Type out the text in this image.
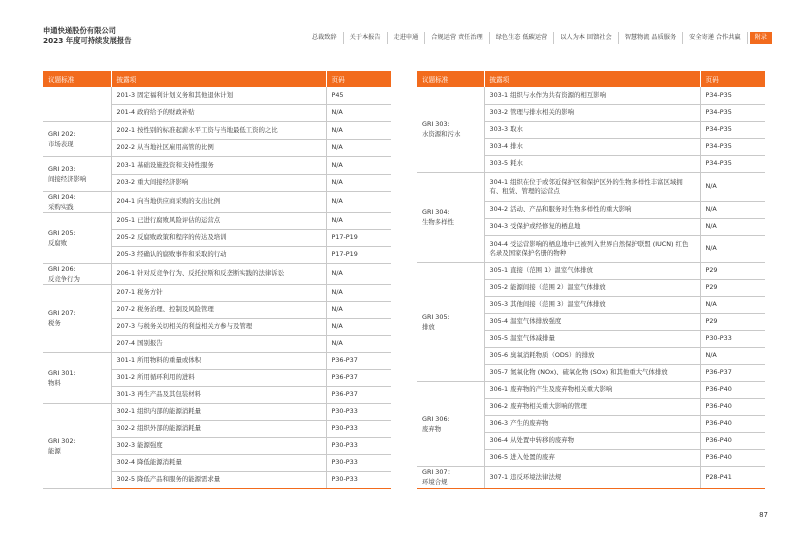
申通快递股份有限公司
2023 年度可持续发展报告	总裁致辞	关于本报告	走进申通	合规运营 责任治理	绿色生态 低碳运营	以人为本 回馈社会	智慧物流 品质服务	安全寄递 合作共赢	附录
议题标准	披露项	页码

	201-3 固定福利计划义务和其他退休计划	P45
	201-4 政府给予的财政补贴	N/A

GRI 202:
市场表现	202-1 按性别的标准起薪水平工资与当地最低工资的之比	N/A
	202-2 从当地社区雇用高管的比例	N/A

GRI 203:
间接经济影响	203-1 基础设施投资和支持性服务	N/A
	203-2 重大间接经济影响	N/A

GRI 204:
采购实践	204-1 向当地供应商采购的支出比例	N/A

GRI 205:
反腐败	205-1 已进行腐败风险评估的运营点	N/A
	205-2 反腐败政策和程序的传达及培训	P17-P19
	205-3 经确认的腐败事件和采取的行动	P17-P19

GRI 206:
反竞争行为	206-1 针对反竞争行为、反托拉斯和反垄断实践的法律诉讼	N/A

GRI 207:
税务	207-1 税务方针	N/A
	207-2 税务治理、控制及风险管理	N/A
	207-3 与税务关切相关的利益相关方参与及管理	N/A
	207-4 国别报告	N/A

GRI 301:
物料	301-1 所用物料的重量或体积	P36-P37
	301-2 所用循环利用的进料	P36-P37
	301-3 再生产品及其包装材料	P36-P37

GRI 302:
能源	302-1 组织内部的能源消耗量	P30-P33
	302-2 组织外部的能源消耗量	P30-P33
	302-3 能源强度	P30-P33
	302-4 降低能源消耗量	P30-P33
	302-5 降低产品和服务的能源需求量	P30-P33
议题标准	披露项	页码

GRI 303:
水资源和污水	303-1 组织与水作为共有资源的相互影响	P34-P35
	303-2 管理与排水相关的影响	P34-P35
	303-3 取水	P34-P35
	303-4 排水	P34-P35
	303-5 耗水	P34-P35

GRI 304:
生物多样性	304-1 组织在位于或邻近保护区和保护区外的生物多样性丰富区域拥有、租赁、管理的运营点	N/A
	304-2 活动、产品和服务对生物多样性的重大影响	N/A
	304-3 受保护或经修复的栖息地	N/A
	304-4 受运营影响的栖息地中已被列入世界自然保护联盟 (IUCN) 红色名录及国家保护名册的物种	N/A

GRI 305:
排放	305-1 直接（范围 1）温室气体排放	P29
	305-2 能源间接（范围 2）温室气体排放	P29
	305-3 其他间接（范围 3）温室气体排放	N/A
	305-4 温室气体排放强度	P29
	305-5 温室气体减排量	P30-P33
	305-6 臭氧消耗物质（ODS）的排放	N/A
	305-7 氮氧化物 (NOx)、硫氧化物 (SOx) 和其他重大气体排放	P36-P37

GRI 306:
废弃物	306-1 废弃物的产生及废弃物相关重大影响	P36-P40
	306-2 废弃物相关重大影响的管理	P36-P40
	306-3 产生的废弃物	P36-P40
	306-4 从处置中转移的废弃物	P36-P40
	306-5 进入处置的废弃	P36-P40

GRI 307：
环境合规	307-1 违反环境法律法规	P28-P41
87
